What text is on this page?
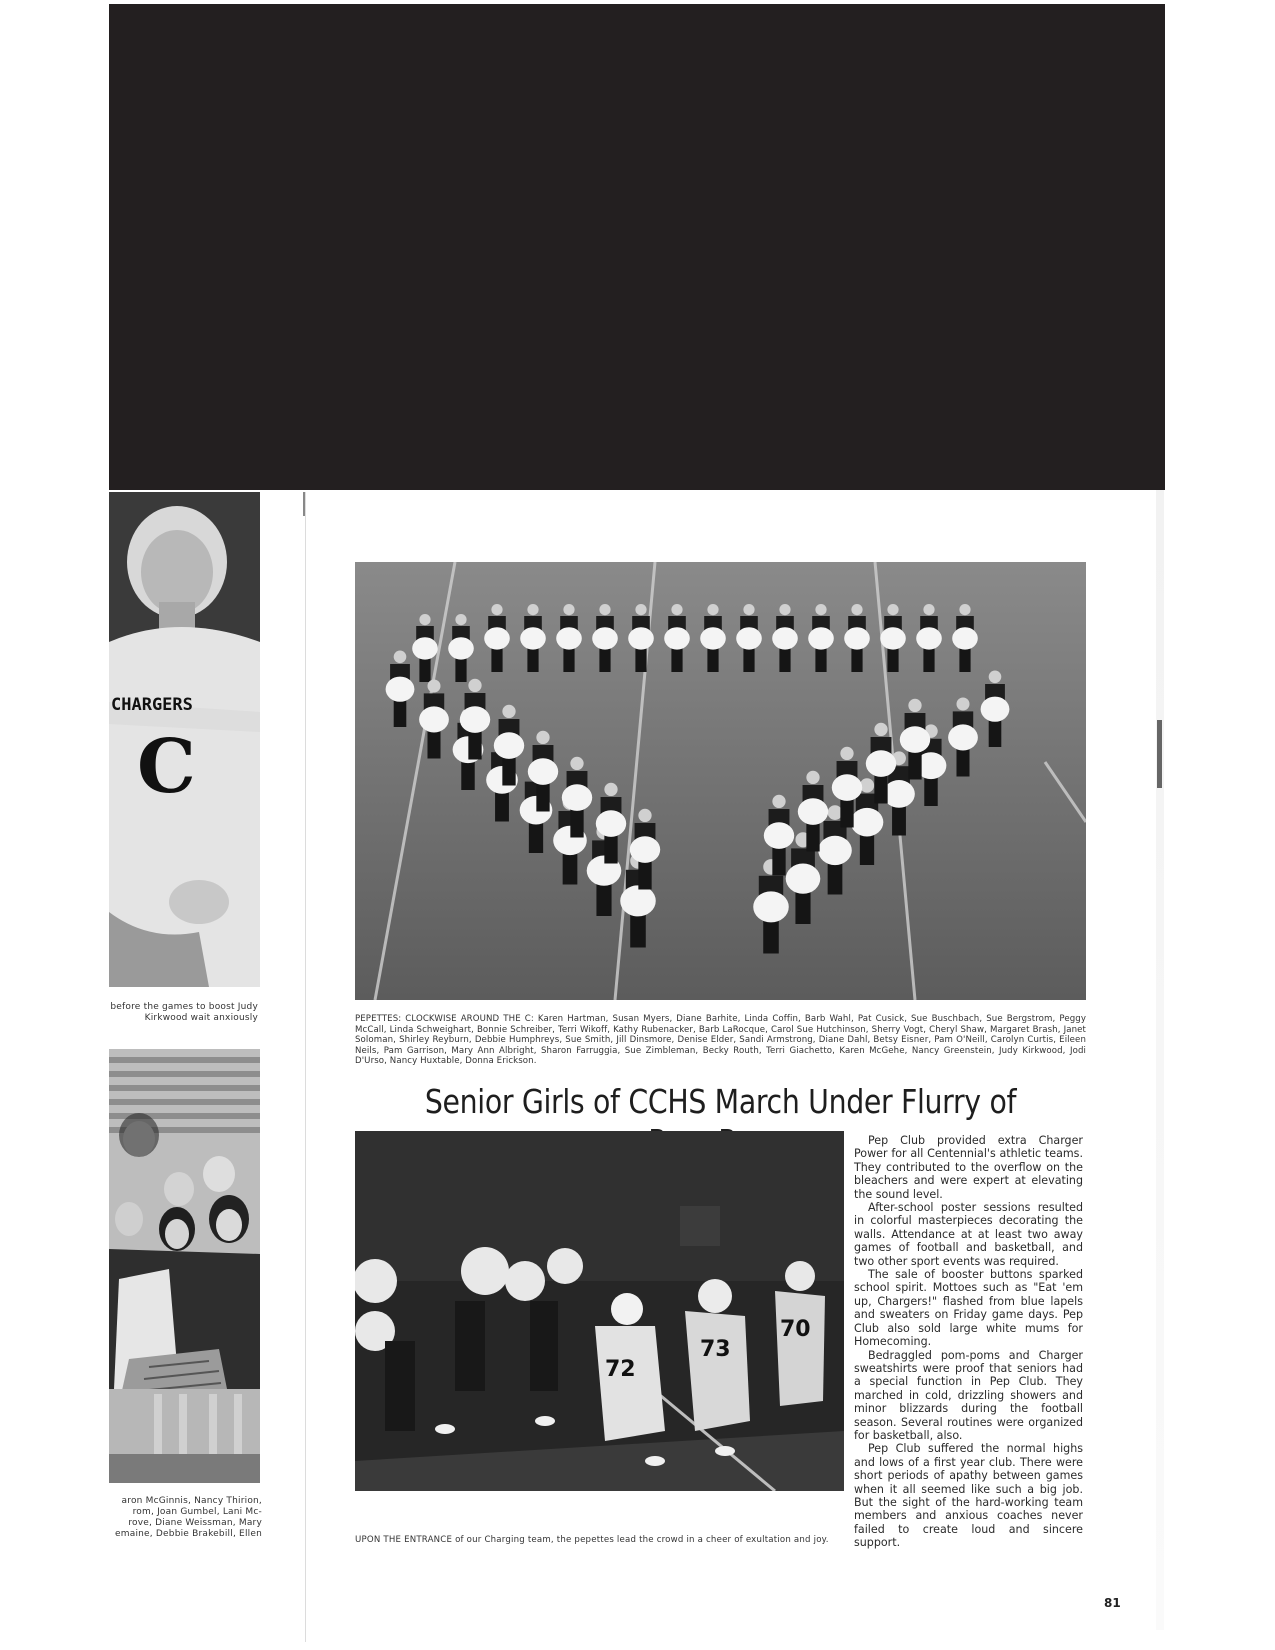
CHARGERS
C
before the games to boost Judy Kirkwood wait anxiously
aron McGinnis, Nancy Thirion, rom, Joan Gumbel, Lani Mc- rove, Diane Weissman, Mary emaine, Debbie Brakebill, Ellen
PEPETTES: CLOCKWISE AROUND THE C: Karen Hartman, Susan Myers, Diane Barhite, Linda Coffin, Barb Wahl, Pat Cusick, Sue Buschbach, Sue Bergstrom, Peggy McCall, Linda Schweighart, Bonnie Schreiber, Terri Wikoff, Kathy Rubenacker, Barb LaRocque, Carol Sue Hutchinson, Sherry Vogt, Cheryl Shaw, Margaret Brash, Janet Soloman, Shirley Reyburn, Debbie Humphreys, Sue Smith, Jill Dinsmore, Denise Elder, Sandi Armstrong, Diane Dahl, Betsy Eisner, Pam O'Neill, Carolyn Curtis, Eileen Neils, Pam Garrison, Mary Ann Albright, Sharon Farruggia, Sue Zimbleman, Becky Routh, Terri Giachetto, Karen McGehe, Nancy Greenstein, Judy Kirkwood, Jodi D'Urso, Nancy Huxtable, Donna Erickson.
Senior Girls of CCHS March Under Flurry of
72
73
70
UPON THE ENTRANCE of our Charging team, the pepettes lead the crowd in a cheer of exultation and joy.

Pep Club provided extra Charger Power for all Centennial's athletic teams. They contributed to the overflow on the bleachers and were expert at elevating the sound level.

After-school poster sessions resulted in colorful masterpieces decorating the walls. Attendance at at least two away games of football and basketball, and two other sport events was required.

The sale of booster buttons sparked school spirit. Mottoes such as "Eat 'em up, Chargers!" flashed from blue lapels and sweaters on Friday game days. Pep Club also sold large white mums for Homecoming.

Bedraggled pom-poms and Charger sweatshirts were proof that seniors had a special function in Pep Club. They marched in cold, drizzling showers and minor blizzards during the football season. Several routines were organized for basketball, also.

Pep Club suffered the normal highs and lows of a first year club. There were short periods of apathy between games when it all seemed like such a big job. But the sight of the hard-working team members and anxious coaches never failed to create loud and sincere support.

81
